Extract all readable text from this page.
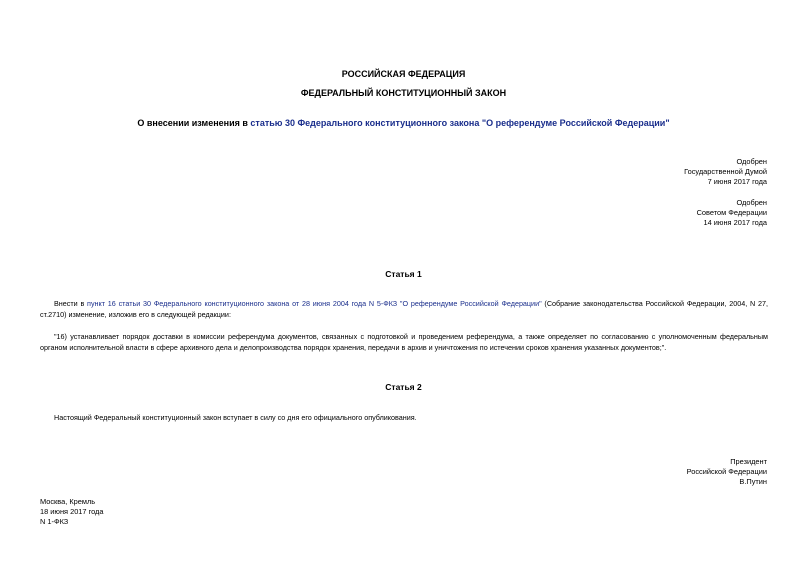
РОССИЙСКАЯ ФЕДЕРАЦИЯ
ФЕДЕРАЛЬНЫЙ КОНСТИТУЦИОННЫЙ ЗАКОН
О внесении изменения в статью 30 Федерального конституционного закона "О референдуме Российской Федерации"
Одобрен
Государственной Думой
7 июня 2017 года
Одобрен
Советом Федерации
14 июня 2017 года
Статья 1
Внести в пункт 16 статьи 30 Федерального конституционного закона от 28 июня 2004 года N 5-ФКЗ "О референдуме Российской Федерации" (Собрание законодательства Российской Федерации, 2004, N 27, ст.2710) изменение, изложив его в следующей редакции:
"16) устанавливает порядок доставки в комиссии референдума документов, связанных с подготовкой и проведением референдума, а также определяет по согласованию с уполномоченным федеральным органом исполнительной власти в сфере архивного дела и делопроизводства порядок хранения, передачи в архив и уничтожения по истечении сроков хранения указанных документов;".
Статья 2
Настоящий Федеральный конституционный закон вступает в силу со дня его официального опубликования.
Президент
Российской Федерации
В.Путин
Москва, Кремль
18 июня 2017 года
N 1-ФКЗ
